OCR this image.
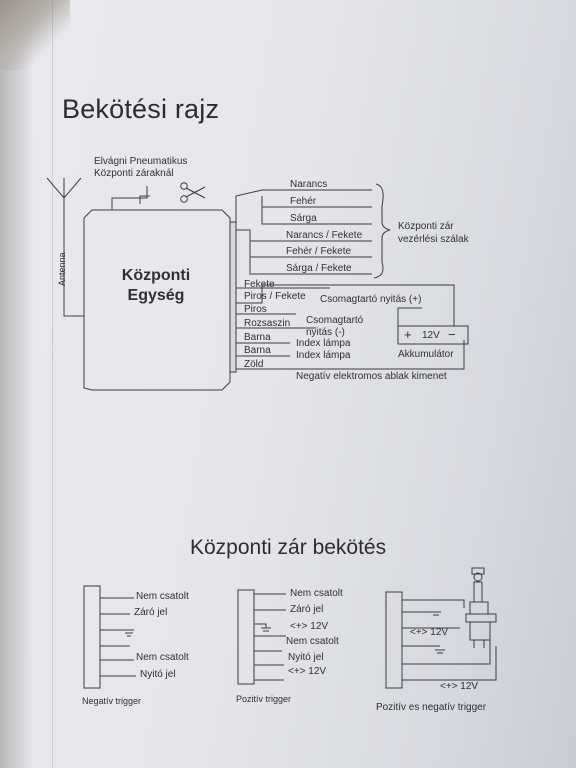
Bekötési rajz
Elvágni Pneumatikus
Központi záraknál
Antenna	Központi
Egység
Narancs
Fehér
Sárga
Narancs / Fekete
Fehér / Fekete
Sárga / Fekete
Központi zár
vezérlési szálak
Fekete
Piros / Fekete
Piros
Rozsaszin
Barna
Barna
Zöld
Csomagtartó nyitás (+)
Csomagtartó
nyitás (-)
Index lámpa
Index lámpa
Negatív elektromos ablak kimenet
+ 12V −
Akkumulátor
Központi zár bekötés
Nem csatolt
Záró jel
Nem csatolt
Nyitó jel
Negatív trigger
Nem csatolt
Záró jel
<+> 12V
Nem csatolt
Nyitó jel
<+> 12V
Pozitív trigger
<+> 12V
<+> 12V
Pozitív es negatív trigger
